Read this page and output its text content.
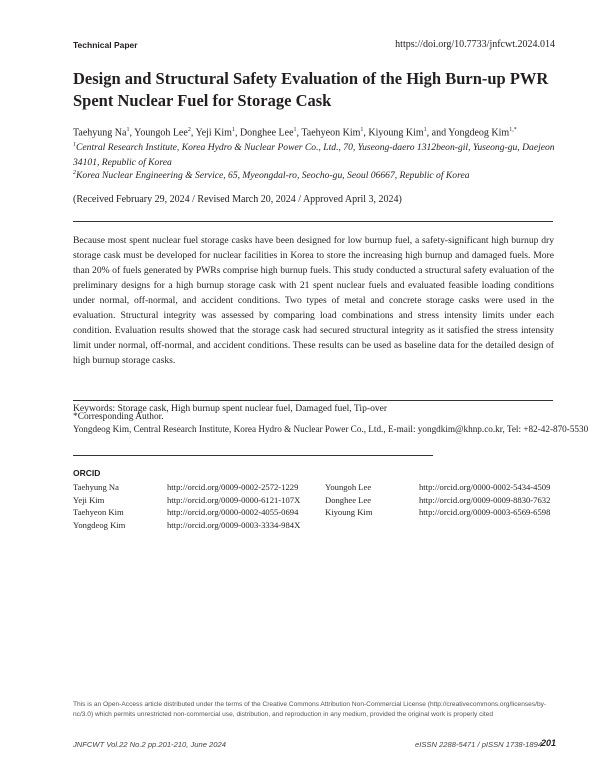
Technical Paper	https://doi.org/10.7733/jnfcwt.2024.014
Design and Structural Safety Evaluation of the High Burn-up PWR Spent Nuclear Fuel for Storage Cask
Taehyung Na$^1$, Youngoh Lee$^2$, Yeji Kim$^1$, Donghee Lee$^1$, Taehyeon Kim$^1$, Kiyoung Kim$^1$, and Yongdeog Kim$^{1,*}$
$^1$Central Research Institute, Korea Hydro & Nuclear Power Co., Ltd., 70, Yuseong-daero 1312beon-gil, Yuseong-gu, Daejeon 34101, Republic of Korea
$^2$Korea Nuclear Engineering & Service, 65, Myeongdal-ro, Seocho-gu, Seoul 06667, Republic of Korea
(Received February 29, 2024 / Revised March 20, 2024 / Approved April 3, 2024)

Because most spent nuclear fuel storage casks have been designed for low burnup fuel, a safety-significant high burnup dry storage cask must be developed for nuclear facilities in Korea to store the increasing high burnup and damaged fuels. More than 20% of fuels generated by PWRs comprise high burnup fuels. This study conducted a structural safety evaluation of the preliminary designs for a high burnup storage cask with 21 spent nuclear fuels and evaluated feasible loading conditions under normal, off-normal, and accident conditions. Two types of metal and concrete storage casks were used in the evaluation. Structural integrity was assessed by comparing load combinations and stress intensity limits under each condition. Evaluation results showed that the storage cask had secured structural integrity as it satisfied the stress intensity limit under normal, off-normal, and accident conditions. These results can be used as baseline data for the detailed design of high burnup storage casks.

Keywords: Storage cask, High burnup spent nuclear fuel, Damaged fuel, Tip-over
*Corresponding Author.
Yongdeog Kim, Central Research Institute, Korea Hydro & Nuclear Power Co., Ltd., E-mail: yongdkim@khnp.co.kr, Tel: +82-42-870-5530
ORCID
Taehyung Na	http://orcid.org/0009-0002-2572-1229	Youngoh Lee	http://orcid.org/0000-0002-5434-4509
Yeji Kim	http://orcid.org/0009-0000-6121-107X	Donghee Lee	http://orcid.org/0009-0009-8830-7632
Taehyeon Kim	http://orcid.org/0000-0002-4055-0694	Kiyoung Kim	http://orcid.org/0009-0003-6569-6598
Yongdeog Kim	http://orcid.org/0009-0003-3334-984X
This is an Open-Access article distributed under the terms of the Creative Commons Attribution Non-Commercial License (http://creativecommons.org/licenses/by-nc/3.0) which permits unrestricted non-commercial use, distribution, and reproduction in any medium, provided the original work is properly cited
JNFCWT Vol.22 No.2 pp.201-210, June 2024	eISSN 2288-5471 / pISSN 1738-1894
201
